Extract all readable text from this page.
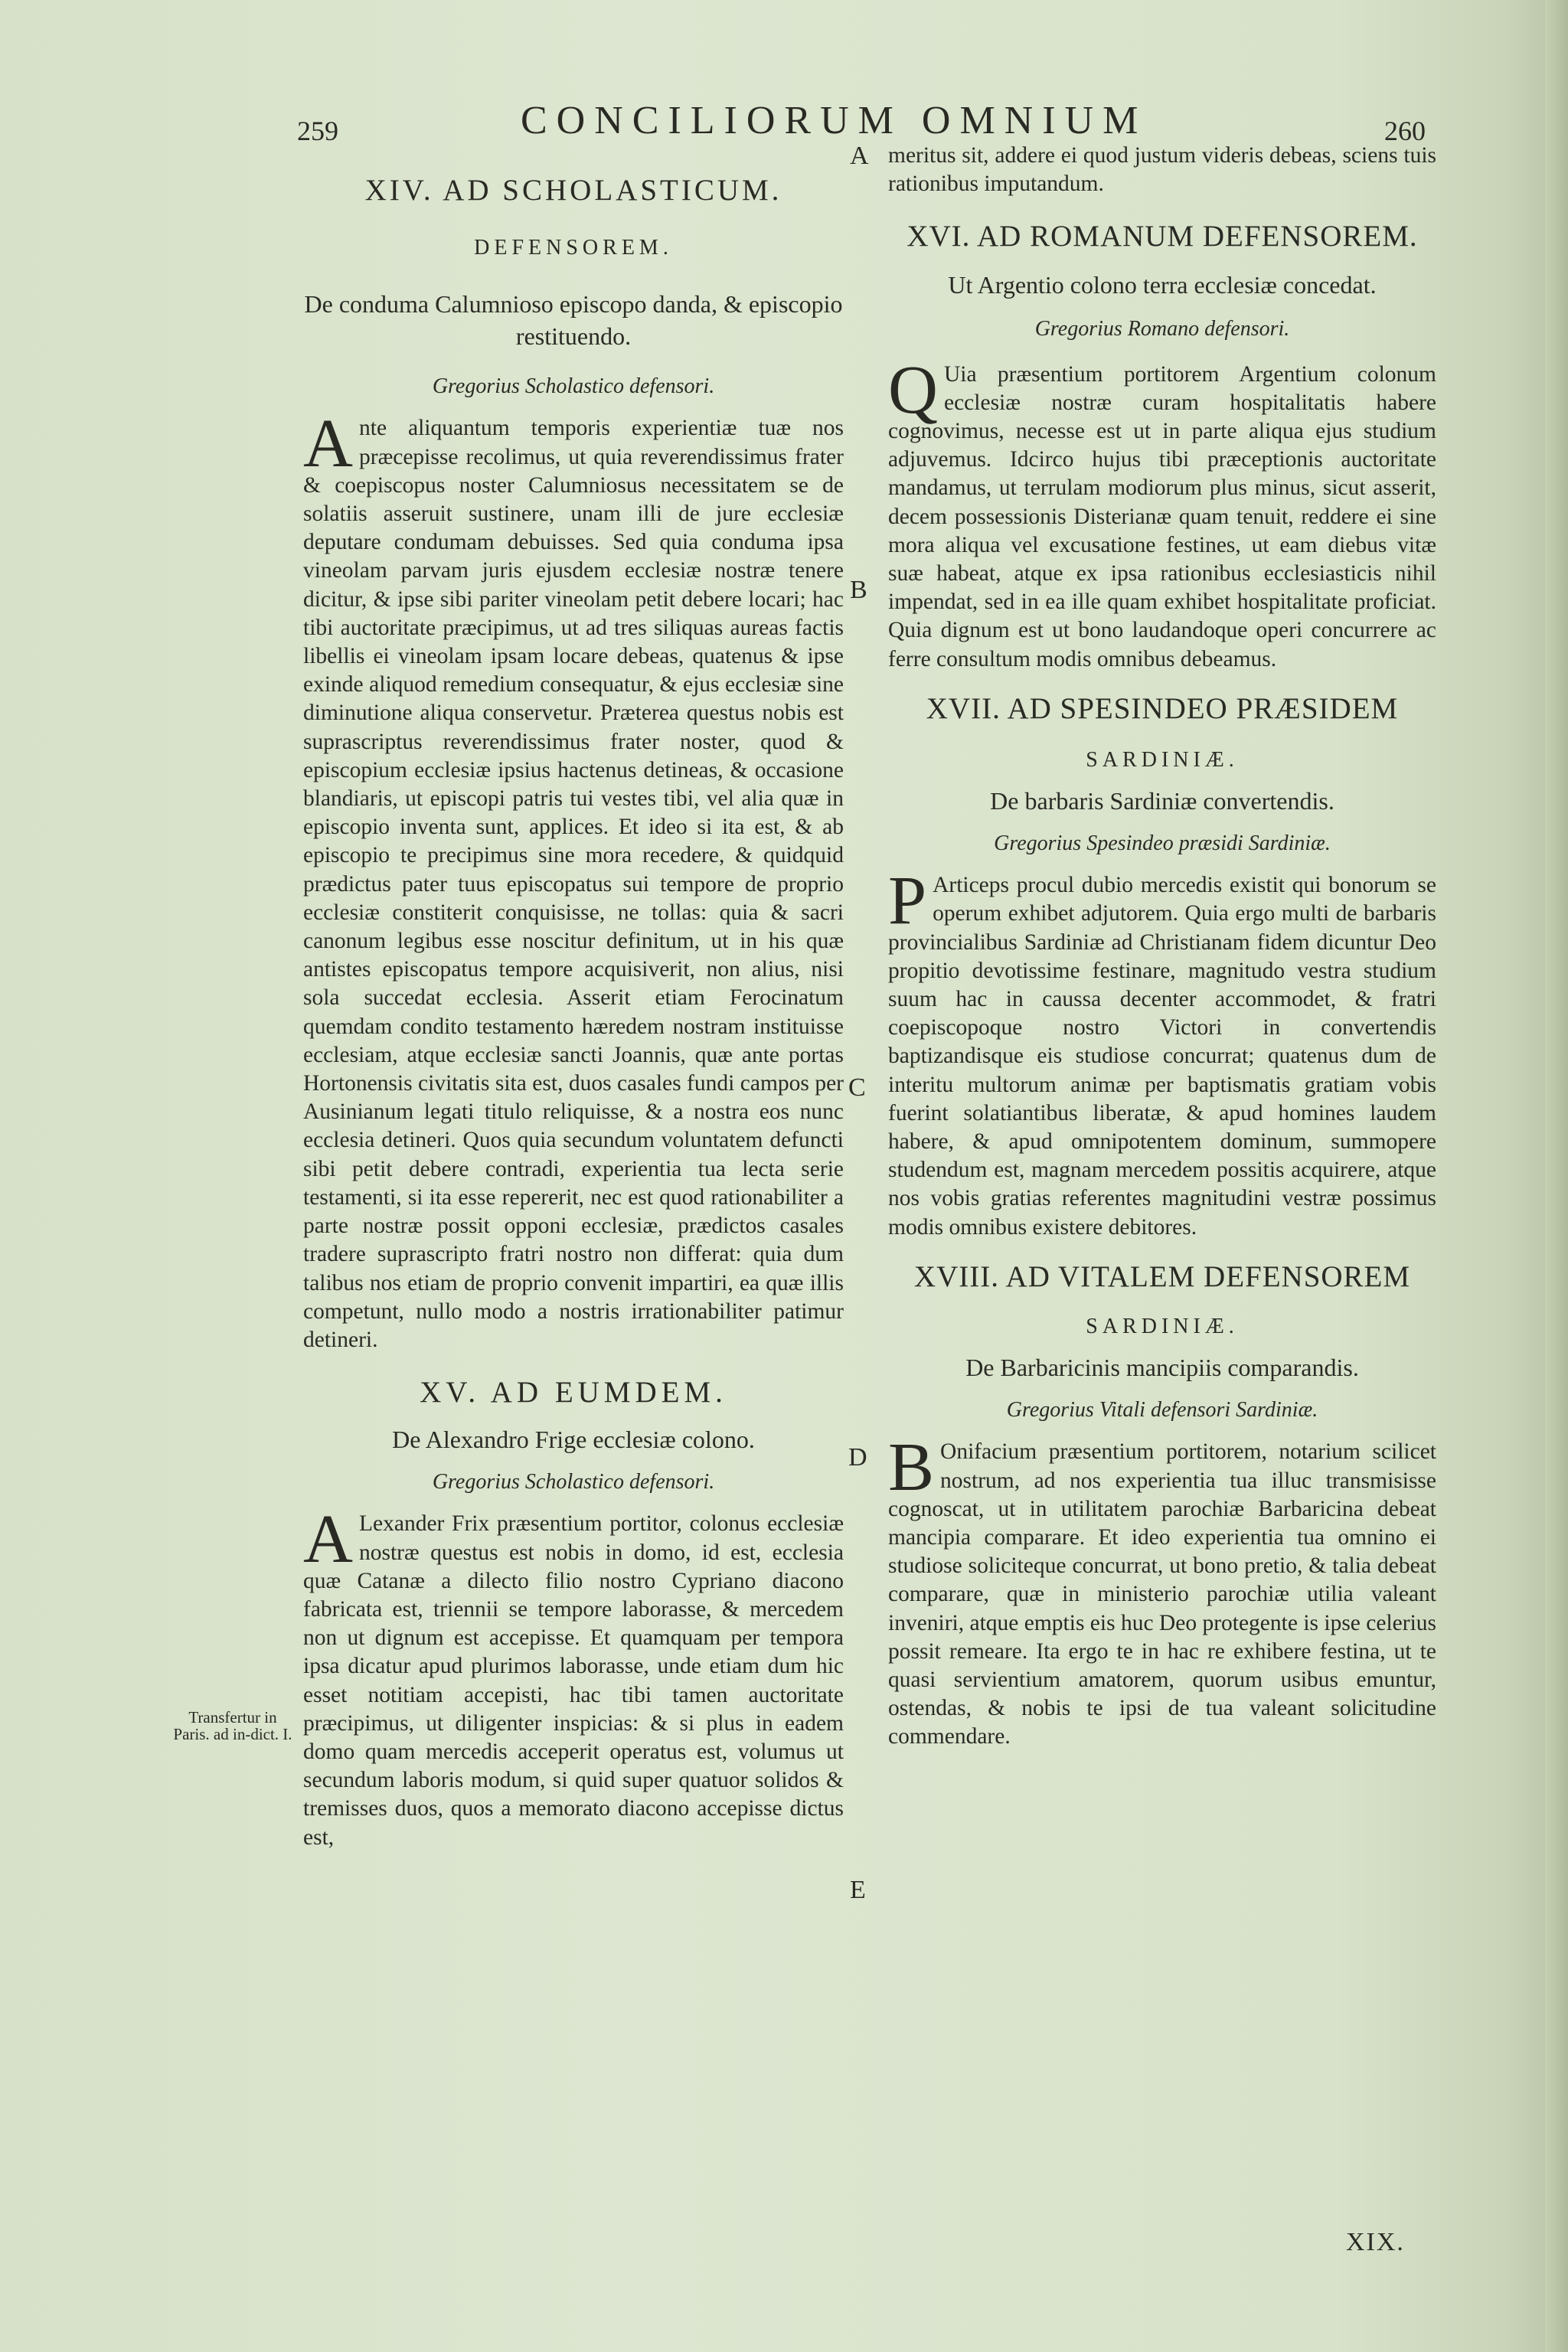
259	CONCILIORUM OMNIUM	260
A
B
C
D
E
Transfertur in Paris. ad in-dict. I.
XIV. AD SCHOLASTICUM.
DEFENSOREM.
De conduma Calumnioso episcopo danda, & episcopio restituendo.
Gregorius Scholastico defensori.

Ante aliquantum temporis experientiæ tuæ nos præcepisse recolimus, ut quia reverendissimus frater & coepiscopus noster Calumniosus necessitatem se de solatiis asseruit sustinere, unam illi de jure ecclesiæ deputare condumam debuisses. Sed quia conduma ipsa vineolam parvam juris ejusdem ecclesiæ nostræ tenere dicitur, & ipse sibi pariter vineolam petit debere locari; hac tibi auctoritate præcipimus, ut ad tres siliquas aureas factis libellis ei vineolam ipsam locare debeas, quatenus & ipse exinde aliquod remedium consequatur, & ejus ecclesiæ sine diminutione aliqua conservetur. Præterea questus nobis est suprascriptus reverendissimus frater noster, quod & episcopium ecclesiæ ipsius hactenus detineas, & occasione blandiaris, ut episcopi patris tui vestes tibi, vel alia quæ in episcopio inventa sunt, applices. Et ideo si ita est, & ab episcopio te precipimus sine mora recedere, & quidquid prædictus pater tuus episcopatus sui tempore de proprio ecclesiæ constiterit conquisisse, ne tollas: quia & sacri canonum legibus esse noscitur definitum, ut in his quæ antistes episcopatus tempore acquisiverit, non alius, nisi sola succedat ecclesia. Asserit etiam Ferocinatum quemdam condito testamento hæredem nostram instituisse ecclesiam, atque ecclesiæ sancti Joannis, quæ ante portas Hortonensis civitatis sita est, duos casales fundi campos per Ausinianum legati titulo reliquisse, & a nostra eos nunc ecclesia detineri. Quos quia secundum voluntatem defuncti sibi petit debere contradi, experientia tua lecta serie testamenti, si ita esse repererit, nec est quod rationabiliter a parte nostræ possit opponi ecclesiæ, prædictos casales tradere suprascripto fratri nostro non differat: quia dum talibus nos etiam de proprio convenit impartiri, ea quæ illis competunt, nullo modo a nostris irrationabiliter patimur detineri.

XV. AD EUMDEM.
De Alexandro Frige ecclesiæ colono.
Gregorius Scholastico defensori.

A Lexander Frix præsentium portitor, colonus ecclesiæ nostræ questus est nobis in domo, id est, ecclesia quæ Catanæ a dilecto filio nostro Cypriano diacono fabricata est, triennii se tempore laborasse, & mercedem non ut dignum est accepisse. Et quamquam per tempora ipsa dicatur apud plurimos laborasse, unde etiam dum hic esset notitiam accepisti, hac tibi tamen auctoritate præcipimus, ut diligenter inspicias: & si plus in eadem domo quam mercedis acceperit operatus est, volumus ut secundum laboris modum, si quid super quatuor solidos & tremisses duos, quos a memorato diacono accepisse dictus est,

meritus sit, addere ei quod justum videris debeas, sciens tuis rationibus imputandum.

XVI. AD ROMANUM DEFENSOREM.
Ut Argentio colono terra ecclesiæ concedat.
Gregorius Romano defensori.

Q Uia præsentium portitorem Argentium colonum ecclesiæ nostræ curam hospitalitatis habere cognovimus, necesse est ut in parte aliqua ejus studium adjuvemus. Idcirco hujus tibi præceptionis auctoritate mandamus, ut terrulam modiorum plus minus, sicut asserit, decem possessionis Disterianæ quam tenuit, reddere ei sine mora aliqua vel excusatione festines, ut eam diebus vitæ suæ habeat, atque ex ipsa rationibus ecclesiasticis nihil impendat, sed in ea ille quam exhibet hospitalitate proficiat. Quia dignum est ut bono laudandoque operi concurrere ac ferre consultum modis omnibus debeamus.

XVII. AD SPESINDEO PRÆSIDEM
SARDINIÆ.
De barbaris Sardiniæ convertendis.
Gregorius Spesindeo præsidi Sardiniæ.

P Articeps procul dubio mercedis existit qui bonorum se operum exhibet adjutorem. Quia ergo multi de barbaris provincialibus Sardiniæ ad Christianam fidem dicuntur Deo propitio devotissime festinare, magnitudo vestra studium suum hac in caussa decenter accommodet, & fratri coepiscopoque nostro Victori in convertendis baptizandisque eis studiose concurrat; quatenus dum de interitu multorum animæ per baptismatis gratiam vobis fuerint solatiantibus liberatæ, & apud homines laudem habere, & apud omnipotentem dominum, summopere studendum est, magnam mercedem possitis acquirere, atque nos vobis gratias referentes magnitudini vestræ possimus modis omnibus existere debitores.

XVIII. AD VITALEM DEFENSOREM
SARDINIÆ.
De Barbaricinis mancipiis comparandis.
Gregorius Vitali defensori Sardiniæ.

B Onifacium præsentium portitorem, notarium scilicet nostrum, ad nos experientia tua illuc transmisisse cognoscat, ut in utilitatem parochiæ Barbaricina debeat mancipia comparare. Et ideo experientia tua omnino ei studiose soliciteque concurrat, ut bono pretio, & talia debeat comparare, quæ in ministerio parochiæ utilia valeant inveniri, atque emptis eis huc Deo protegente is ipse celerius possit remeare. Ita ergo te in hac re exhibere festina, ut te quasi servientium amatorem, quorum usibus emuntur, ostendas, & nobis te ipsi de tua valeant solicitudine commendare.

XIX.
